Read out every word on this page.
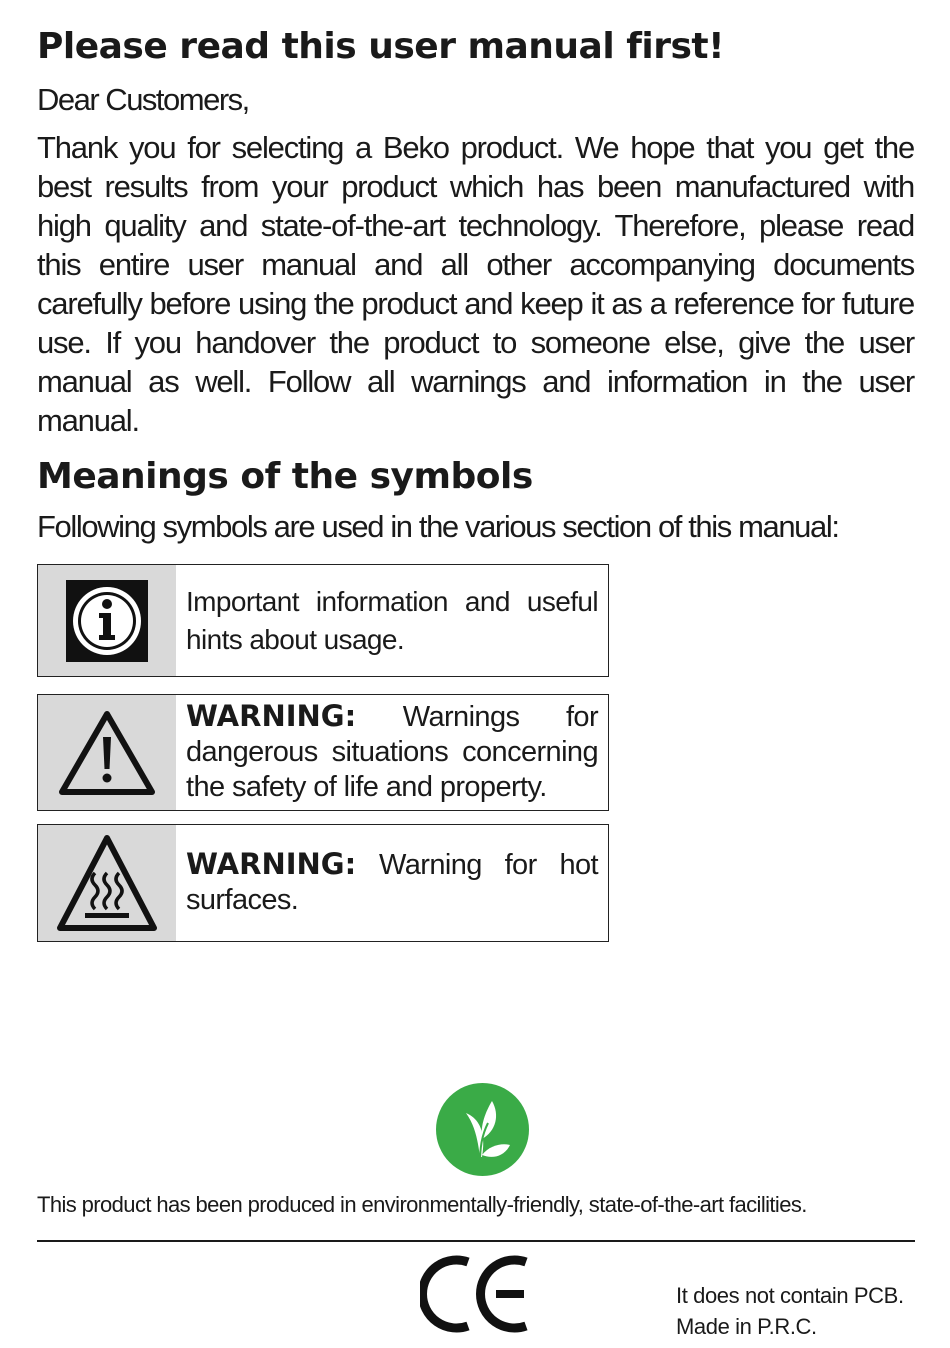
Please read this user manual first!
Dear Customers,

Thank you for selecting a Beko product. We hope that you get the best results from your product which has been manufactured with high quality and state-of-the-art technology. Therefore, please read this entire user manual and all other accompanying documents carefully before using the product and keep it as a reference for future use. If you handover the product to someone else, give the user manual as well. Follow all warnings and information in the user manual.

Meanings of the symbols
Following symbols are used in the various section of this manual:
Important information and useful hints about usage.
WARNING: Warnings for dangerous situations concerning the safety of life and property.
WARNING: Warning for hot surfaces.
This product has been produced in environmentally-friendly, state-of-the-art facilities.
It does not contain PCB.
Made in P.R.C.
